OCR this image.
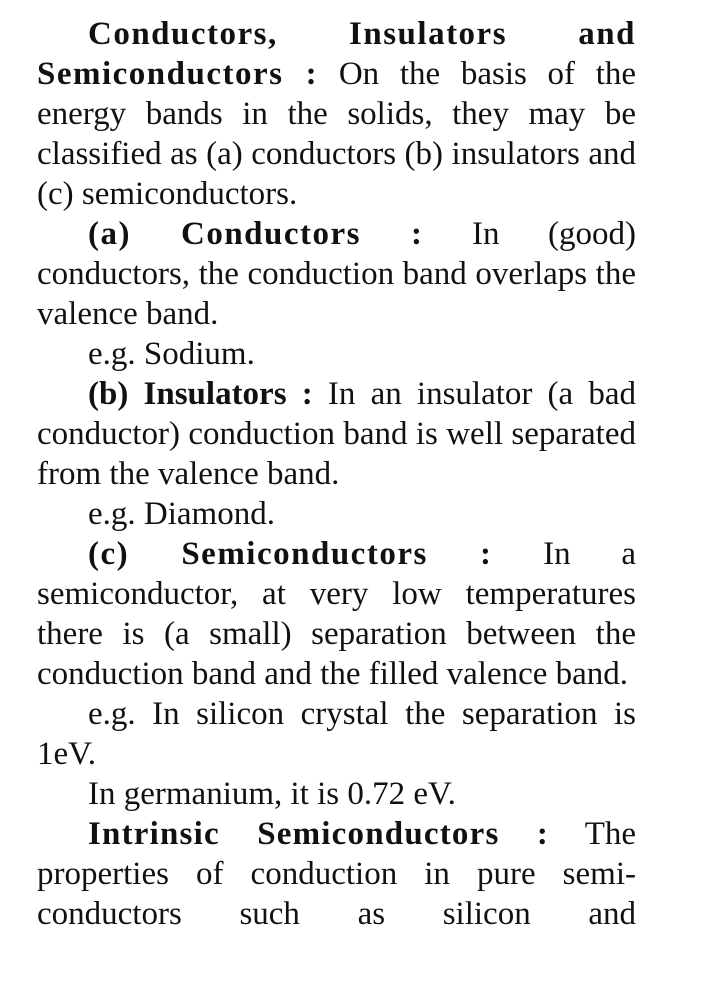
Conductors, Insulators and Semiconductors : On the basis of the energy bands in the solids, they may be classified as (a) conductors (b) insulators and (c) semiconductors.

(a) Conductors : In (good) conductors, the conduction band overlaps the valence band.

e.g. Sodium.

(b) Insulators : In an insulator (a bad conductor) conduction band is well separated from the valence band.

e.g. Diamond.

(c) Semiconductors : In a semiconductor, at very low temperatures there is (a small) separation between the conduction band and the filled valence band.

e.g. In silicon crystal the separation is 1eV.

In germanium, it is 0.72 eV.

Intrinsic Semiconductors : The properties of conduction in pure semi-conductors such as silicon and
